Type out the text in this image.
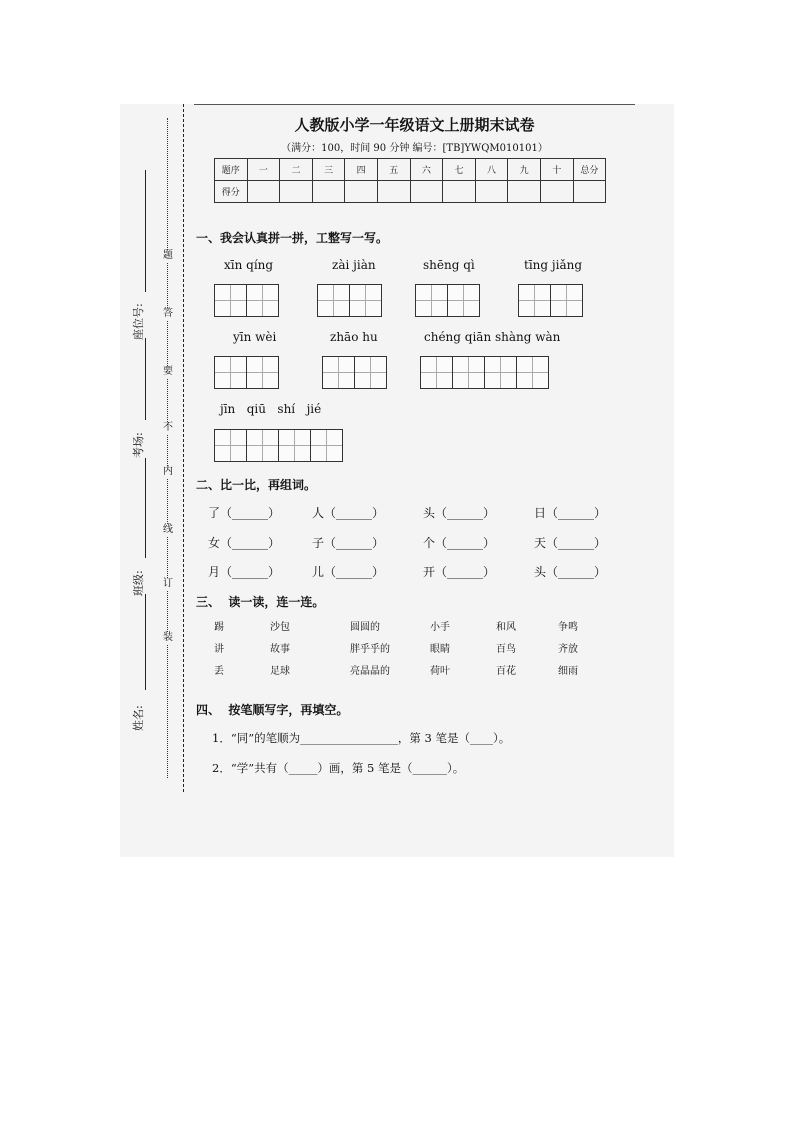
座位号:
考场:
班级:
姓名:
题
答
要
不
内
线
订
装
人教版小学一年级语文上册期末试卷
（满分：100，时间 90 分钟 编号：[TB]YWQM010101）
题序	一	二	三	四	五	六	七	八	九	十	总分
得分											
一、我会认真拼一拼，工整写一写。
xīn qíng	zài jiàn	shēng qì	tīng jiǎng
yīn wèi	zhāo hu	chéng qiān shàng wàn
jīn   qiū   shí   jié
二、比一比，再组词。
了（______）	人（______）	头（______）	日（______）
女（______）	子（______）	个（______）	天（______）
月（______）	儿（______）	开（______）	头（______）
三、  读一读，连一连。
踢	沙包	圆圆的	小手	和风	争鸣
讲	故事	胖乎乎的	眼睛	百鸟	齐放
丢	足球	亮晶晶的	荷叶	百花	细雨
四、  按笔顺写字，再填空。
1．“同”的笔顺为_________________，第 3 笔是（____）。
2．“学”共有（_____）画，第 5 笔是（______）。
